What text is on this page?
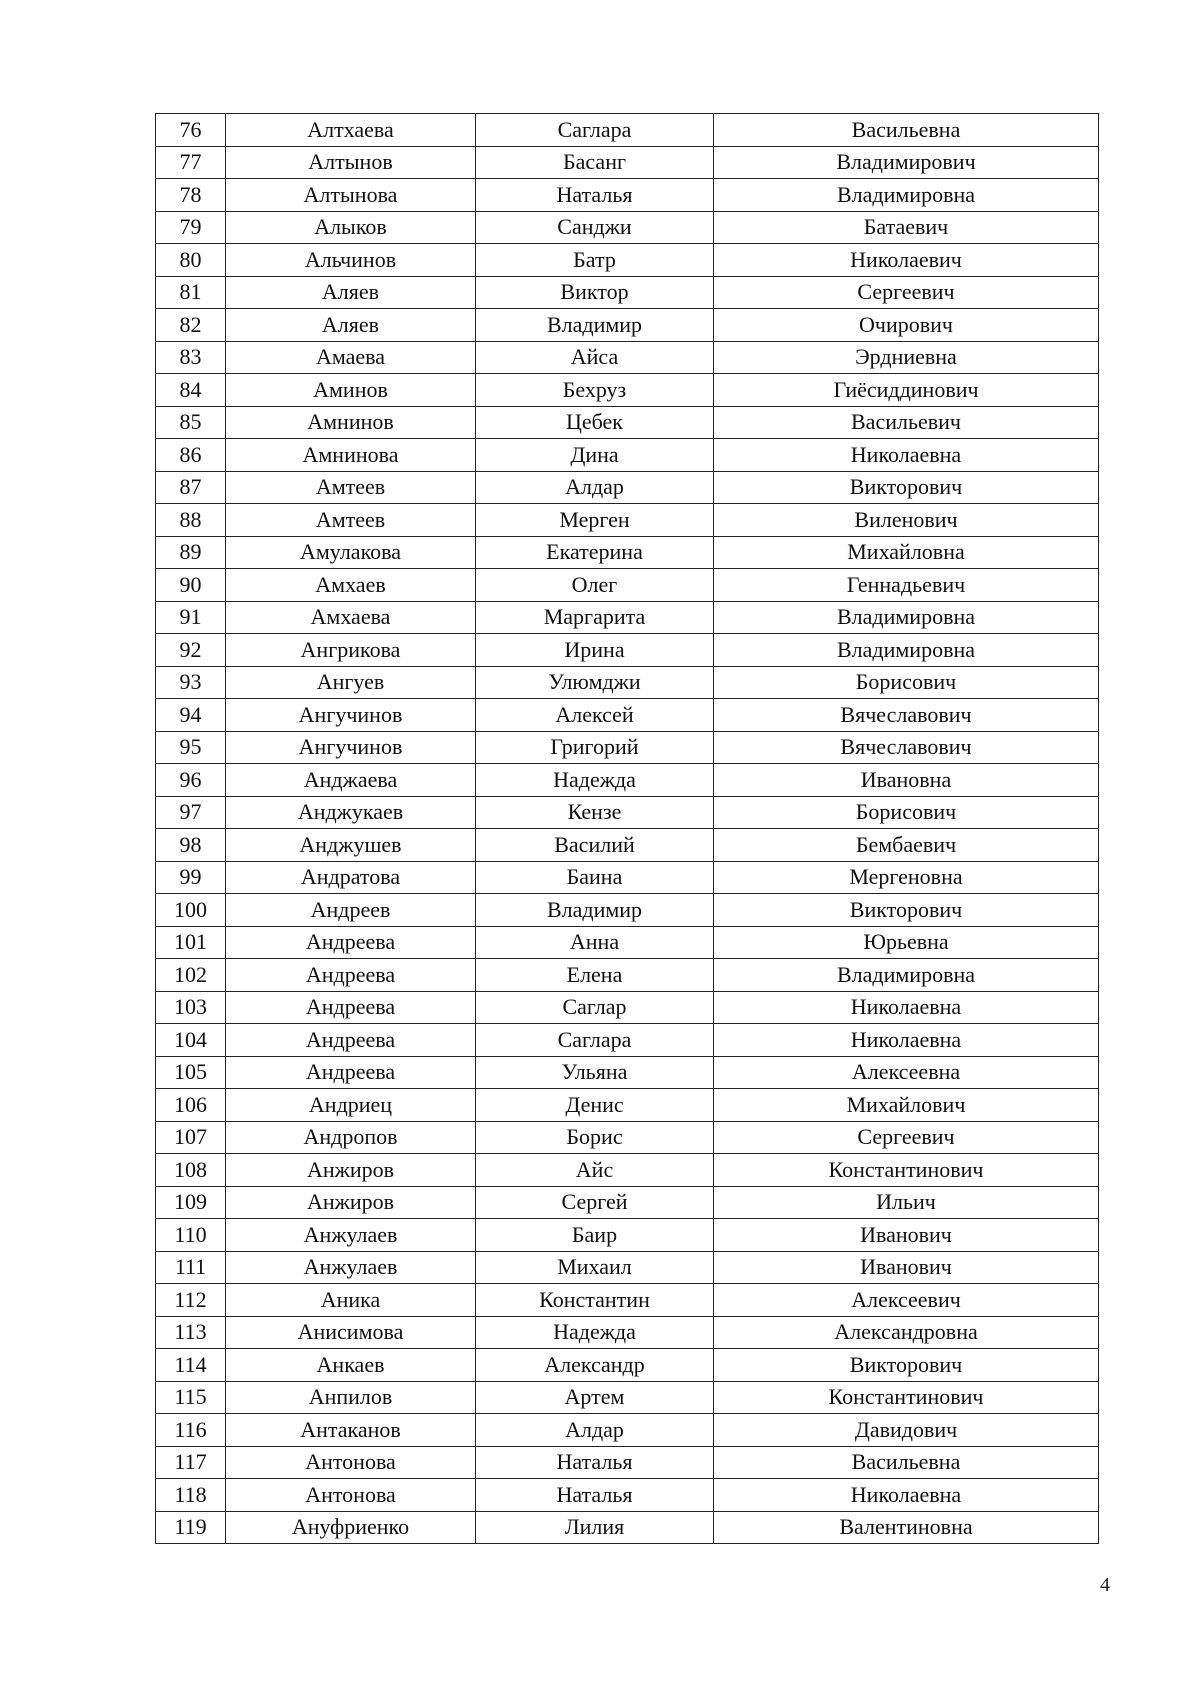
76	Алтхаева	Саглара	Васильевна
77	Алтынов	Басанг	Владимирович
78	Алтынова	Наталья	Владимировна
79	Алыков	Санджи	Батаевич
80	Альчинов	Батр	Николаевич
81	Аляев	Виктор	Сергеевич
82	Аляев	Владимир	Очирович
83	Амаева	Айса	Эрдниевна
84	Аминов	Бехруз	Гиёсиддинович
85	Амнинов	Цебек	Васильевич
86	Амнинова	Дина	Николаевна
87	Амтеев	Алдар	Викторович
88	Амтеев	Мерген	Виленович
89	Амулакова	Екатерина	Михайловна
90	Амхаев	Олег	Геннадьевич
91	Амхаева	Маргарита	Владимировна
92	Ангрикова	Ирина	Владимировна
93	Ангуев	Улюмджи	Борисович
94	Ангучинов	Алексей	Вячеславович
95	Ангучинов	Григорий	Вячеславович
96	Анджаева	Надежда	Ивановна
97	Анджукаев	Кензе	Борисович
98	Анджушев	Василий	Бембаевич
99	Андратова	Баина	Мергеновна
100	Андреев	Владимир	Викторович
101	Андреева	Анна	Юрьевна
102	Андреева	Елена	Владимировна
103	Андреева	Саглар	Николаевна
104	Андреева	Саглара	Николаевна
105	Андреева	Ульяна	Алексеевна
106	Андриец	Денис	Михайлович
107	Андропов	Борис	Сергеевич
108	Анжиров	Айс	Константинович
109	Анжиров	Сергей	Ильич
110	Анжулаев	Баир	Иванович
111	Анжулаев	Михаил	Иванович
112	Аника	Константин	Алексеевич
113	Анисимова	Надежда	Александровна
114	Анкаев	Александр	Викторович
115	Анпилов	Артем	Константинович
116	Антаканов	Алдар	Давидович
117	Антонова	Наталья	Васильевна
118	Антонова	Наталья	Николаевна
119	Ануфриенко	Лилия	Валентиновна
4
